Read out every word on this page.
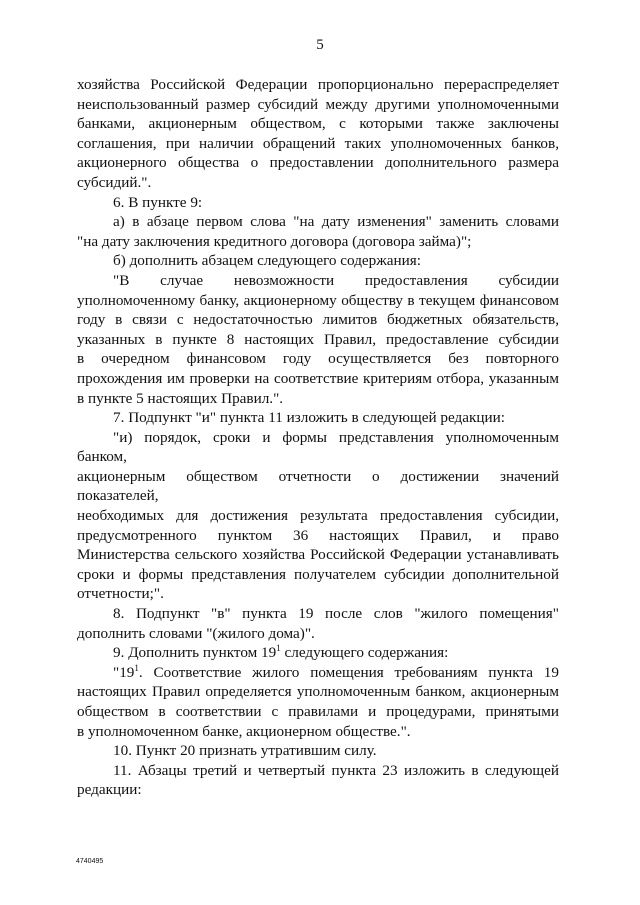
5

хозяйства Российской Федерации пропорционально перераспределяет
неиспользованный размер субсидий между другими уполномоченными
банками, акционерным обществом, с которыми также заключены
соглашения, при наличии обращений таких уполномоченных банков,
акционерного общества о предоставлении дополнительного размера

субсидий.".

6. В пункте 9:

а) в абзаце первом слова "на дату изменения" заменить словами

"на дату заключения кредитного договора (договора займа)";

б) дополнить абзацем следующего содержания:

"В случае невозможности предоставления субсидии

уполномоченному банку, акционерному обществу в текущем финансовом
году в связи с недостаточностью лимитов бюджетных обязательств,
указанных в пункте 8 настоящих Правил, предоставление субсидии
в очередном финансовом году осуществляется без повторного
прохождения им проверки на соответствие критериям отбора, указанным

в пункте 5 настоящих Правил.".

7. Подпункт "и" пункта 11 изложить в следующей редакции:

"и) порядок, сроки и формы представления уполномоченным банком,

акционерным обществом отчетности о достижении значений показателей,
необходимых для достижения результата предоставления субсидии,
предусмотренного пунктом 36 настоящих Правил, и право
Министерства сельского хозяйства Российской Федерации устанавливать
сроки и формы представления получателем субсидии дополнительной

отчетности;".

8. Подпункт "в" пункта 19 после слов "жилого помещения"

дополнить словами "(жилого дома)".

9. Дополнить пунктом $19^1$ следующего содержания:

"$19^1$. Соответствие жилого помещения требованиям пункта 19

настоящих Правил определяется уполномоченным банком, акционерным
обществом в соответствии с правилами и процедурами, принятыми

в уполномоченном банке, акционерном обществе.".

10. Пункт 20 признать утратившим силу.

11. Абзацы третий и четвертый пункта 23 изложить в следующей

редакции:

4740495
